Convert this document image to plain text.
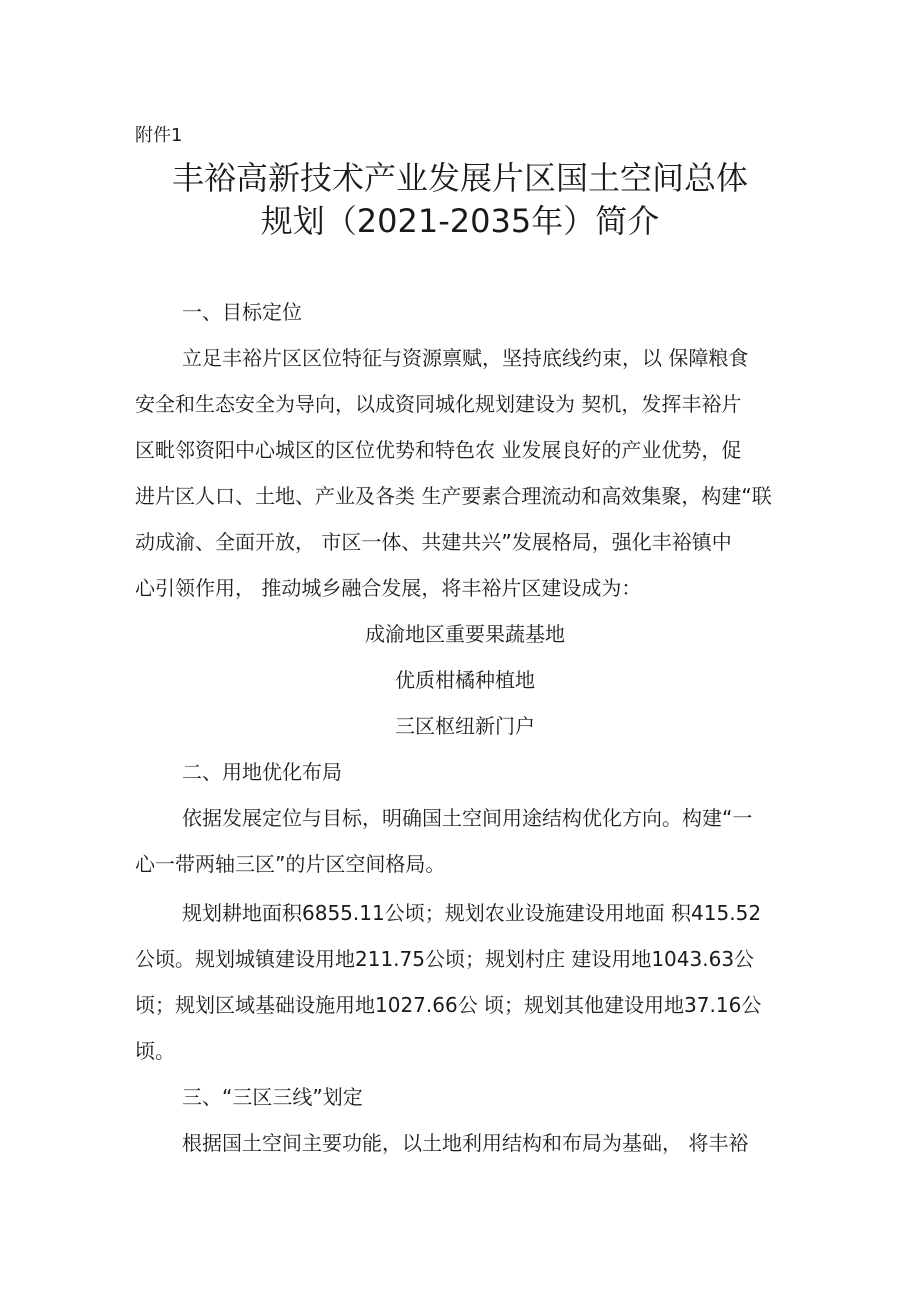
附件1
丰裕高新技术产业发展片区国土空间总体
规划（2021-2035年）简介
一、目标定位
立足丰裕片区区位特征与资源禀赋，坚持底线约束，以 保障粮食
安全和生态安全为导向，以成资同城化规划建设为 契机，发挥丰裕片
区毗邻资阳中心城区的区位优势和特色农 业发展良好的产业优势，促
进片区人口、土地、产业及各类 生产要素合理流动和高效集聚，构建“联
动成渝、全面开放， 市区一体、共建共兴”发展格局，强化丰裕镇中
心引领作用， 推动城乡融合发展，将丰裕片区建设成为：
成渝地区重要果蔬基地
优质柑橘种植地
三区枢纽新门户
二、用地优化布局
依据发展定位与目标，明确国土空间用途结构优化方向。构建“一
心一带两轴三区”的片区空间格局。
规划耕地面积6855.11公顷；规划农业设施建设用地面 积415.52
公顷。规划城镇建设用地211.75公顷；规划村庄 建设用地1043.63公
顷；规划区域基础设施用地1027.66公 顷；规划其他建设用地37.16公
顷。
三、“三区三线”划定
根据国土空间主要功能，以土地利用结构和布局为基础， 将丰裕
